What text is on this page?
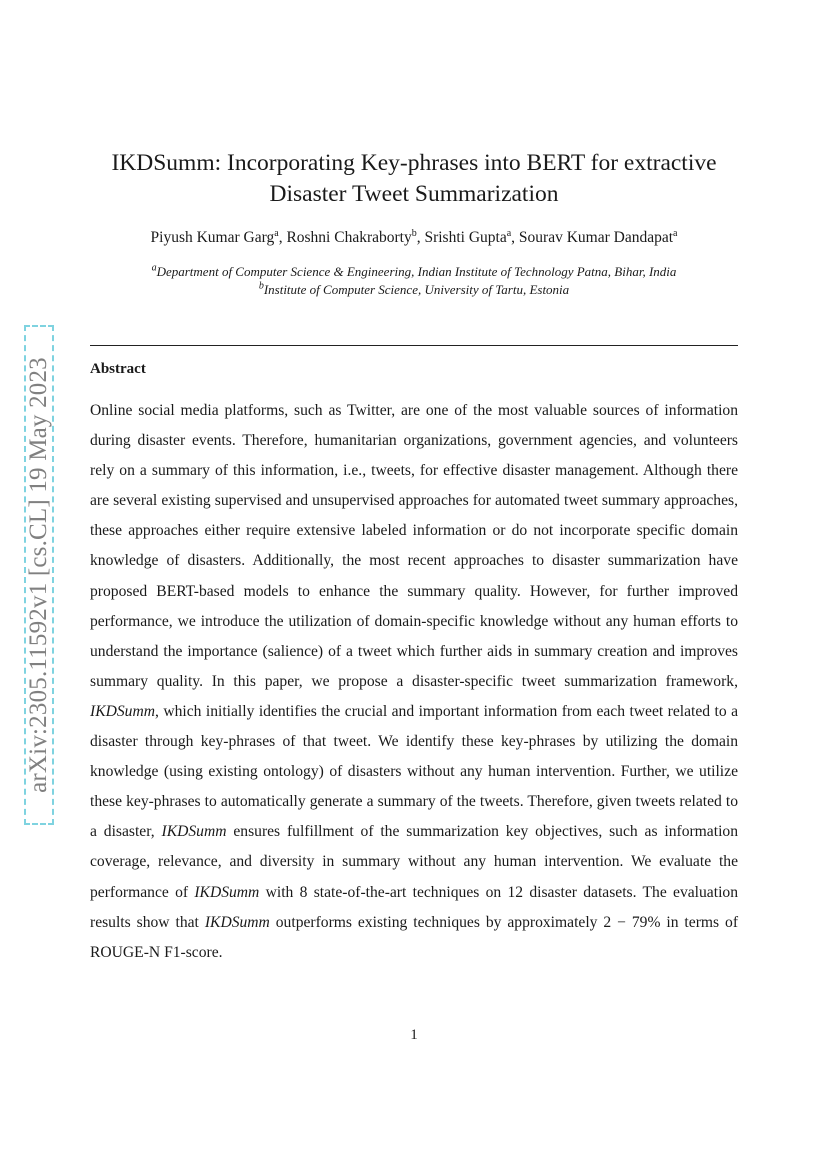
arXiv:2305.11592v1 [cs.CL] 19 May 2023
IKDSumm: Incorporating Key-phrases into BERT for extractive Disaster Tweet Summarization
Piyush Kumar Garg$^a$, Roshni Chakraborty$^b$, Srishti Gupta$^a$, Sourav Kumar Dandapat$^a$
$^a$Department of Computer Science & Engineering, Indian Institute of Technology Patna, Bihar, India
$^b$Institute of Computer Science, University of Tartu, Estonia
Abstract
Online social media platforms, such as Twitter, are one of the most valuable sources of information during disaster events. Therefore, humanitarian organizations, government agencies, and volunteers rely on a summary of this information, i.e., tweets, for effective disaster management. Although there are several existing supervised and unsupervised approaches for automated tweet summary approaches, these approaches either require extensive labeled information or do not incorporate specific domain knowledge of disasters. Additionally, the most recent approaches to disaster summarization have proposed BERT-based models to enhance the summary quality. However, for further improved performance, we introduce the utilization of domain-specific knowledge without any human efforts to understand the importance (salience) of a tweet which further aids in summary creation and improves summary quality. In this paper, we propose a disaster-specific tweet summarization framework, IKDSumm, which initially identifies the crucial and important information from each tweet related to a disaster through key-phrases of that tweet. We identify these key-phrases by utilizing the domain knowledge (using existing ontology) of disasters without any human intervention. Further, we utilize these key-phrases to automatically generate a summary of the tweets. Therefore, given tweets related to a disaster, IKDSumm ensures fulfillment of the summarization key objectives, such as information coverage, relevance, and diversity in summary without any human intervention. We evaluate the performance of IKDSumm with 8 state-of-the-art techniques on 12 disaster datasets. The evaluation results show that IKDSumm outperforms existing techniques by approximately 2 − 79% in terms of ROUGE-N F1-score.
1
